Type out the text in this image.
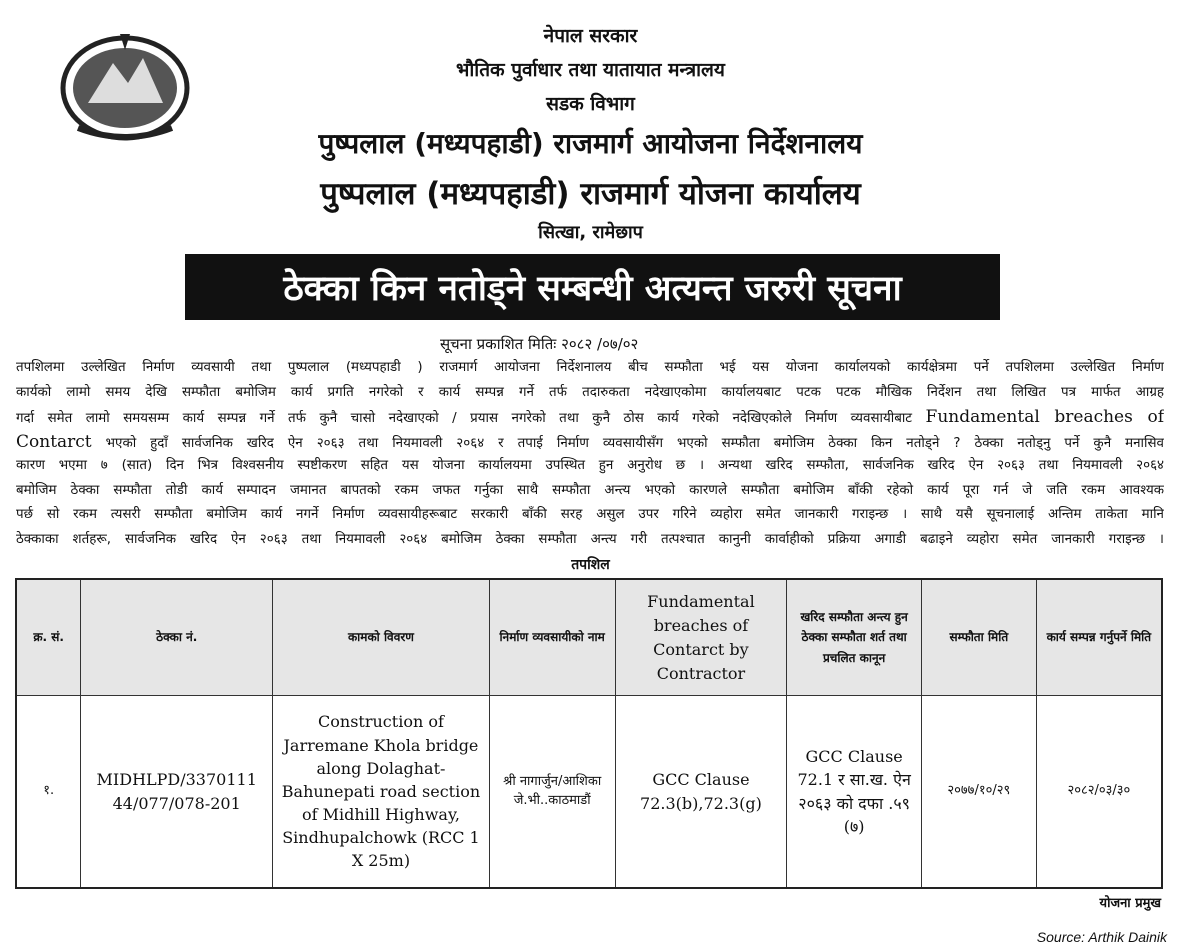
नेपाल सरकार
भौतिक पुर्वाधार तथा यातायात मन्त्रालय
सडक विभाग
पुष्पलाल (मध्यपहाडी) राजमार्ग आयोजना निर्देशनालय
पुष्पलाल (मध्यपहाडी) राजमार्ग योजना कार्यालय
सित्खा, रामेछाप
ठेक्का किन नतोड्ने सम्बन्धी अत्यन्त जरुरी सूचना
सूचना प्रकाशित मितिः २०८२ /०७/०२
तपशिलमा उल्लेखित निर्माण व्यवसायी तथा पुष्पलाल (मध्यपहाडी ) राजमार्ग आयोजना निर्देशनालय बीच सम्फौता भई यस योजना कार्यालयको कार्यक्षेत्रमा पर्ने तपशिलमा उल्लेखित निर्माण
कार्यको लामो समय देखि सम्फौता बमोजिम कार्य प्रगति नगरेको र कार्य सम्पन्न गर्ने तर्फ तदारुकता नदेखाएकोमा कार्यालयबाट पटक पटक मौखिक निर्देशन तथा लिखित पत्र मार्फत आग्रह
गर्दा समेत लामो समयसम्म कार्य सम्पन्न गर्ने तर्फ कुनै चासो नदेखाएको / प्रयास नगरेको तथा कुनै ठोस कार्य गरेको नदेखिएकोले निर्माण व्यवसायीबाट Fundamental breaches of
Contarct भएको हुदाँ सार्वजनिक खरिद ऐन २०६३ तथा नियमावली २०६४ र तपाई निर्माण व्यवसायीसँग भएको सम्फौता बमोजिम ठेक्का किन नतोड्ने ? ठेक्का नतोड्नु पर्ने कुनै मनासिव
कारण भएमा ७ (सात) दिन भित्र विश्वसनीय स्पष्टीकरण सहित यस योजना कार्यालयमा उपस्थित हुन अनुरोध छ । अन्यथा खरिद सम्फौता, सार्वजनिक खरिद ऐन २०६३ तथा नियमावली २०६४
बमोजिम ठेक्का सम्फौता तोडी कार्य सम्पादन जमानत बापतको रकम जफत गर्नुका साथै सम्फौता अन्त्य भएको कारणले सम्फौता बमोजिम बाँकी रहेको कार्य पूरा गर्न जे जति रकम आवश्यक
पर्छ सो रकम त्यसरी सम्फौता बमोजिम कार्य नगर्ने निर्माण व्यवसायीहरूबाट सरकारी बाँकी सरह असुल उपर गरिने व्यहोरा समेत जानकारी गराइन्छ । साथै यसै सूचनालाई अन्तिम ताकेता मानि
ठेक्काका शर्तहरू, सार्वजनिक खरिद ऐन २०६३ तथा नियमावली २०६४ बमोजिम ठेक्का सम्फौता अन्त्य गरी तत्पश्चात कानुनी कार्वाहीको प्रक्रिया अगाडी बढाइने व्यहोरा समेत जानकारी गराइन्छ ।
तपशिल
क्र. सं.	ठेक्का नं.	कामको विवरण	निर्माण व्यवसायीको नाम	Fundamental breaches of Contarct by Contractor	खरिद सम्फौता अन्त्य हुन ठेक्का सम्फौता शर्त तथा प्रचलित कानून	सम्फौता मिति	कार्य सम्पन्न गर्नुपर्ने मिति
१.	MIDHLPD/3370111 44/077/078-201	Construction of Jarremane Khola bridge along Dolaghat-Bahunepati road section of Midhill Highway, Sindhupalchowk (RCC 1 X 25m)	श्री नागार्जुन/आशिका जे.भी..काठमाडौं	GCC Clause 72.3(b),72.3(g)	GCC Clause 72.1 र सा.ख. ऐन २०६३ को दफा .५९ (७)	२०७७/१०/२९	२०८२/०३/३०
योजना प्रमुख
Source: Arthik Dainik
